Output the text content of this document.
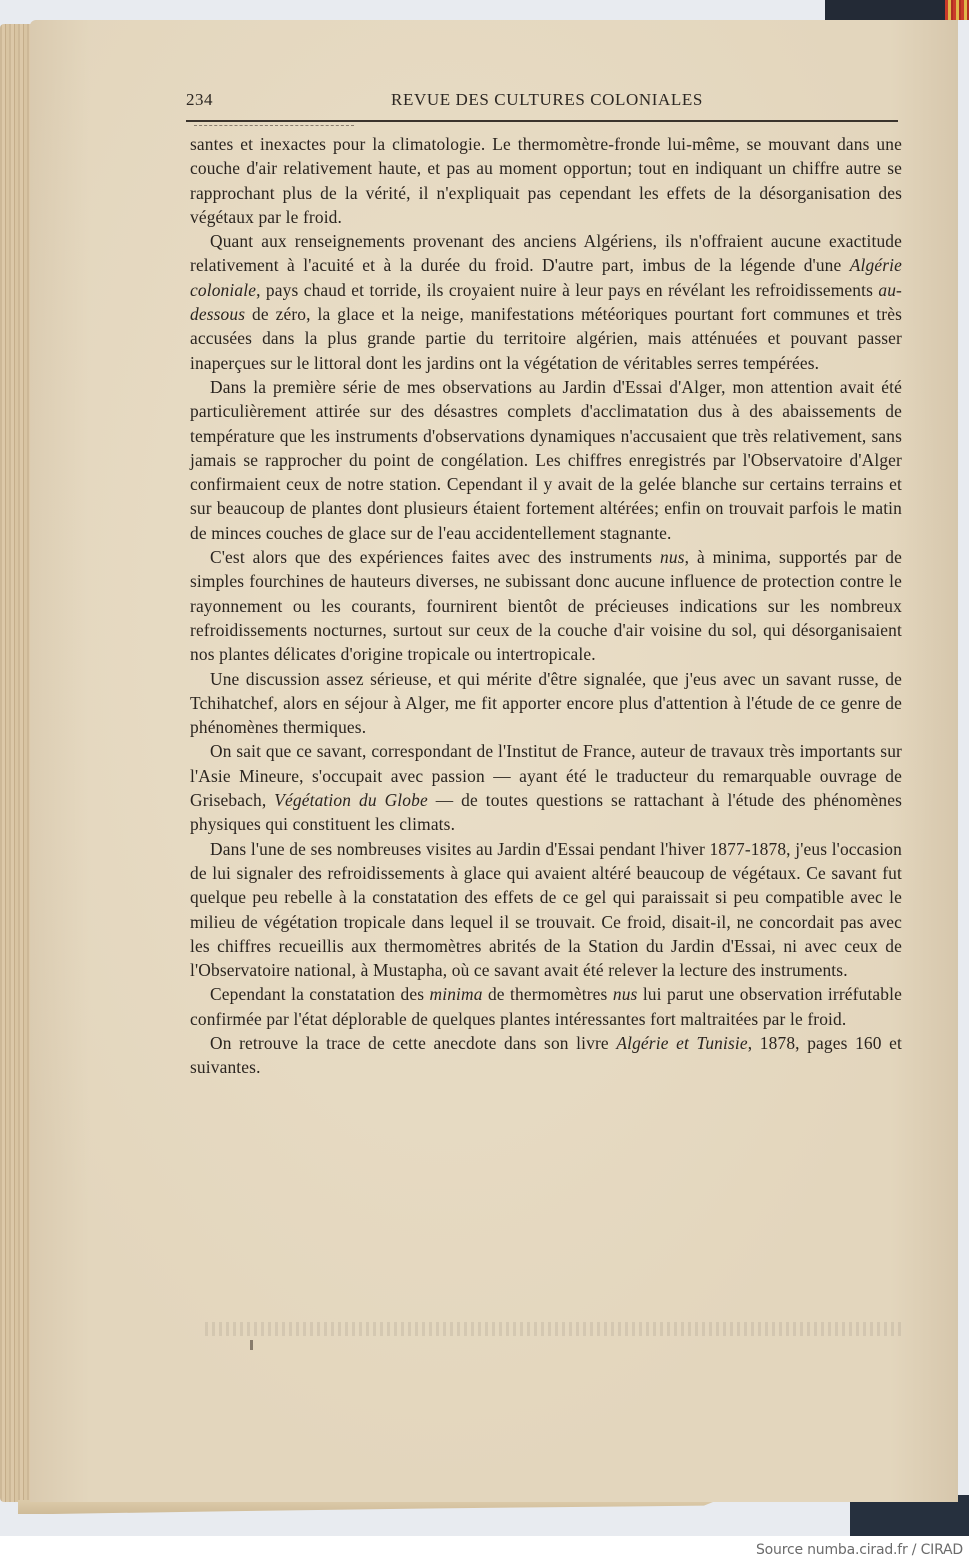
234	REVUE DES CULTURES COLONIALES

santes et inexactes pour la climatologie. Le thermomètre-fronde lui-même, se mouvant dans une couche d'air relativement haute, et pas au moment opportun; tout en indiquant un chiffre autre se rapprochant plus de la vérité, il n'expliquait pas cependant les effets de la désorganisation des végétaux par le froid.

Quant aux renseignements provenant des anciens Algériens, ils n'offraient aucune exactitude relativement à l'acuité et à la durée du froid. D'autre part, imbus de la légende d'une Algérie coloniale, pays chaud et torride, ils croyaient nuire à leur pays en révélant les refroidissements au-dessous de zéro, la glace et la neige, manifestations météoriques pourtant fort communes et très accusées dans la plus grande partie du territoire algérien, mais atténuées et pouvant passer inaperçues sur le littoral dont les jardins ont la végétation de véritables serres tempérées.

Dans la première série de mes observations au Jardin d'Essai d'Alger, mon attention avait été particulièrement attirée sur des désastres complets d'acclimatation dus à des abaissements de température que les instruments d'observations dynamiques n'accusaient que très relativement, sans jamais se rapprocher du point de congélation. Les chiffres enregistrés par l'Observatoire d'Alger confirmaient ceux de notre station. Cependant il y avait de la gelée blanche sur certains terrains et sur beaucoup de plantes dont plusieurs étaient fortement altérées; enfin on trouvait parfois le matin de minces couches de glace sur de l'eau accidentellement stagnante.

C'est alors que des expériences faites avec des instruments nus, à minima, supportés par de simples fourchines de hauteurs diverses, ne subissant donc aucune influence de protection contre le rayonnement ou les courants, fournirent bientôt de précieuses indications sur les nombreux refroidissements nocturnes, surtout sur ceux de la couche d'air voisine du sol, qui désorganisaient nos plantes délicates d'origine tropicale ou intertropicale.

Une discussion assez sérieuse, et qui mérite d'être signalée, que j'eus avec un savant russe, de Tchihatchef, alors en séjour à Alger, me fit apporter encore plus d'attention à l'étude de ce genre de phénomènes thermiques.

On sait que ce savant, correspondant de l'Institut de France, auteur de travaux très importants sur l'Asie Mineure, s'occupait avec passion — ayant été le traducteur du remarquable ouvrage de Grisebach, Végétation du Globe — de toutes questions se rattachant à l'étude des phénomènes physiques qui constituent les climats.

Dans l'une de ses nombreuses visites au Jardin d'Essai pendant l'hiver 1877-1878, j'eus l'occasion de lui signaler des refroidissements à glace qui avaient altéré beaucoup de végétaux. Ce savant fut quelque peu rebelle à la constatation des effets de ce gel qui paraissait si peu compatible avec le milieu de végétation tropicale dans lequel il se trouvait. Ce froid, disait-il, ne concordait pas avec les chiffres recueillis aux thermomètres abrités de la Station du Jardin d'Essai, ni avec ceux de l'Observatoire national, à Mustapha, où ce savant avait été relever la lecture des instruments.

Cependant la constatation des minima de thermomètres nus lui parut une observation irréfutable confirmée par l'état déplorable de quelques plantes intéressantes fort maltraitées par le froid.

On retrouve la trace de cette anecdote dans son livre Algérie et Tunisie, 1878, pages 160 et suivantes.

Source numba.cirad.fr / CIRAD
